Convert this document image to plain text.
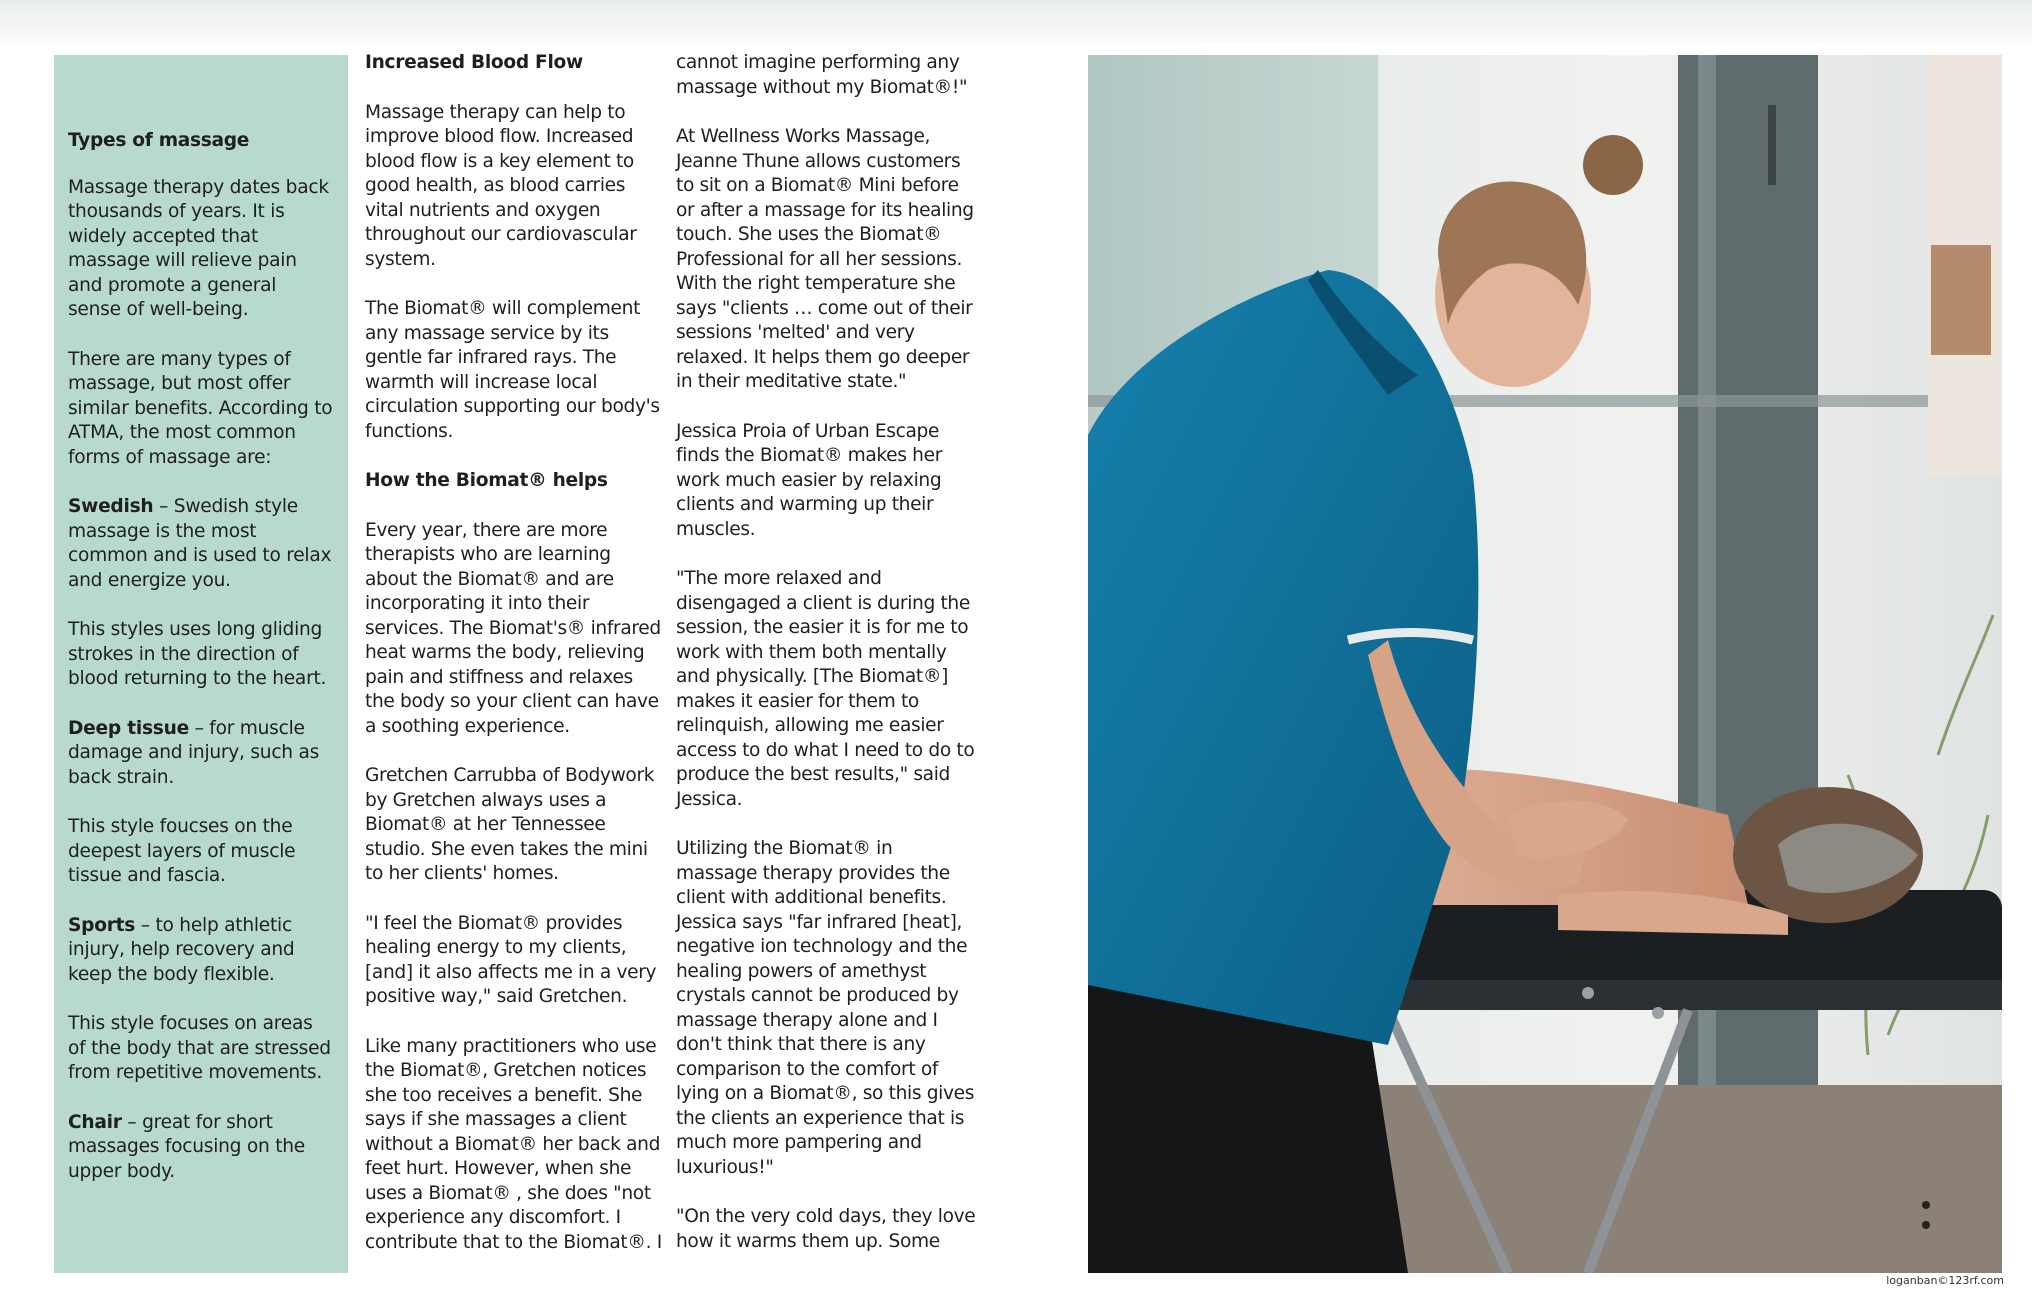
Types of massage

Massage therapy dates back thousands of years. It is widely accepted that massage will relieve pain and promote a general sense of well-being.

There are many types of massage, but most offer similar benefits. According to ATMA, the most common forms of massage are:

Swedish – Swedish style massage is the most common and is used to relax and energize you.

This styles uses long gliding strokes in the direction of blood returning to the heart.

Deep tissue – for muscle damage and injury, such as back strain.

This style foucses on the deepest layers of muscle tissue and fascia.

Sports – to help athletic injury, help recovery and keep the body flexible.

This style focuses on areas of the body that are stressed from repetitive movements.

Chair – great for short massages focusing on the upper body.

Increased Blood Flow

Massage therapy can help to improve blood flow. Increased blood flow is a key element to good health, as blood carries vital nutrients and oxygen throughout our cardiovascular system.

The Biomat® will complement any massage service by its gentle far infrared rays. The warmth will increase local circulation supporting our body's functions.

How the Biomat® helps

Every year, there are more therapists who are learning about the Biomat® and are incorporating it into their services. The Biomat's® infrared heat warms the body, relieving pain and stiffness and relaxes the body so your client can have a soothing experience.

Gretchen Carrubba of Bodywork by Gretchen always uses a Biomat® at her Tennessee studio. She even takes the mini to her clients' homes.

"I feel the Biomat® provides healing energy to my clients, [and] it also affects me in a very positive way," said Gretchen.

Like many practitioners who use the Biomat®, Gretchen notices she too receives a benefit. She says if she massages a client without a Biomat® her back and feet hurt. However, when she uses a Biomat® , she does "not experience any discomfort. I contribute that to the Biomat®. I

cannot imagine performing any massage without my Biomat®!"

At Wellness Works Massage, Jeanne Thune allows customers to sit on a Biomat® Mini before or after a massage for its healing touch. She uses the Biomat® Professional for all her sessions. With the right temperature she says "clients … come out of their sessions 'melted' and very relaxed. It helps them go deeper in their meditative state."

Jessica Proia of Urban Escape finds the Biomat® makes her work much easier by relaxing clients and warming up their muscles.

"The more relaxed and disengaged a client is during the session, the easier it is for me to work with them both mentally and physically. [The Biomat®] makes it easier for them to relinquish, allowing me easier access to do what I need to do to produce the best results," said Jessica.

Utilizing the Biomat® in massage therapy provides the client with additional benefits. Jessica says "far infrared [heat], negative ion technology and the healing powers of amethyst crystals cannot be produced by massage therapy alone and I don't think that there is any comparison to the comfort of lying on a Biomat®, so this gives the clients an experience that is much more pampering and luxurious!"

"On the very cold days, they love how it warms them up. Some

loganban©123rf.com
